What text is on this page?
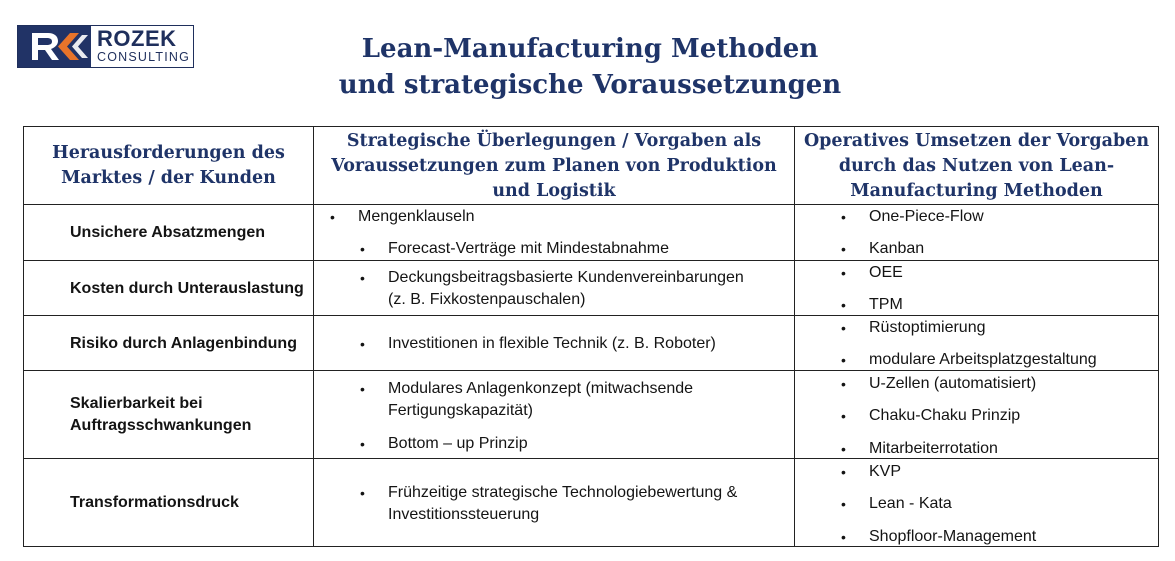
ROZEK
CONSULTING	Lean-Manufacturing Methoden
und strategische Voraussetzungen
Herausforderungen des
Marktes / der Kunden
Strategische Überlegungen / Vorgaben als
Voraussetzungen zum Planen von Produktion
und Logistik
Operatives Umsetzen der Vorgaben
durch das Nutzen von Lean-
Manufacturing Methoden
Unsichere Absatzmengen
Kosten durch Unterauslastung
Risiko durch Anlagenbindung
Skalierbarkeit bei
Auftragsschwankungen
Transformationsdruck
• Mengenklauseln
• Forecast-Verträge mit Mindestabnahme
• Deckungsbeitragsbasierte Kundenvereinbarungen
(z. B. Fixkostenpauschalen)
• Investitionen in flexible Technik (z. B. Roboter)
• Modulares Anlagenkonzept (mitwachsende
Fertigungskapazität)
• Bottom – up Prinzip
• Frühzeitige strategische Technologiebewertung &
Investitionssteuerung
• One-Piece-Flow
• Kanban
• OEE
• TPM
• Rüstoptimierung
• modulare Arbeitsplatzgestaltung
• U-Zellen (automatisiert)
• Chaku-Chaku Prinzip
• Mitarbeiterrotation
• KVP
• Lean - Kata
• Shopfloor-Management
